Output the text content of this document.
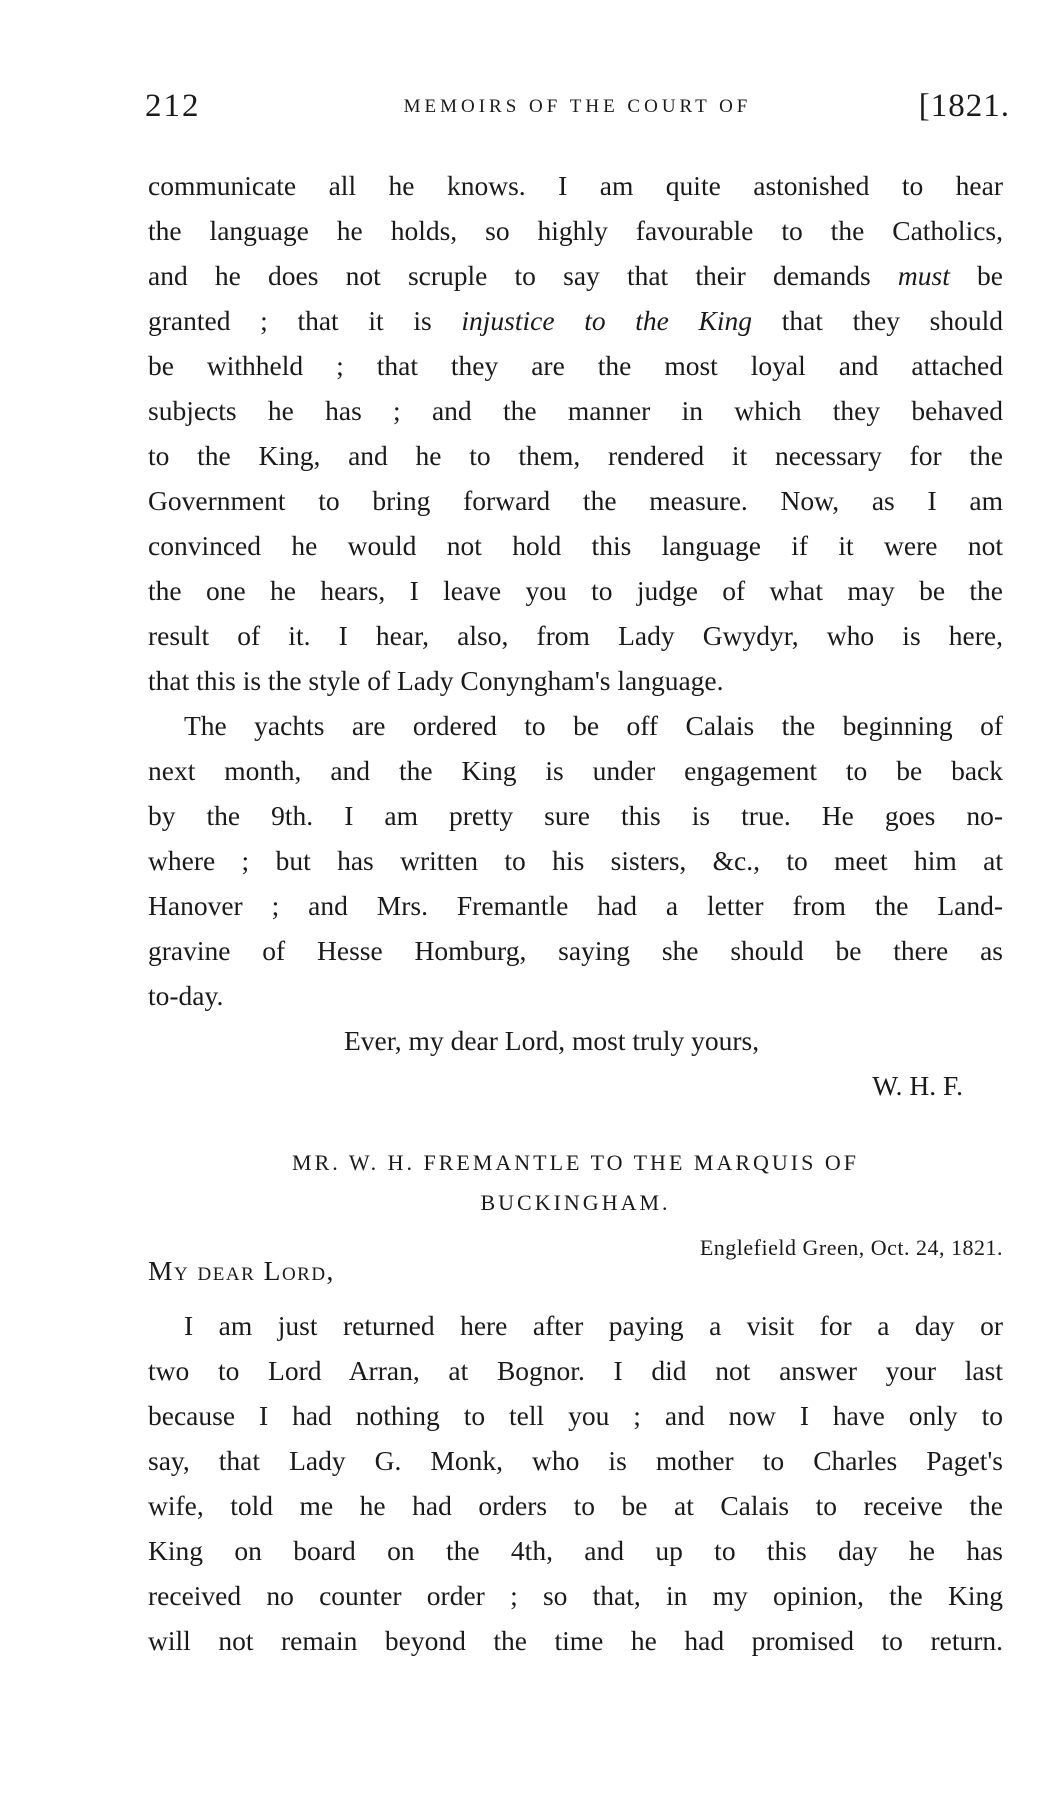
212	MEMOIRS OF THE COURT OF	[1821.
communicate all he knows. I am quite astonished to hear
the language he holds, so highly favourable to the Catholics,
and he does not scruple to say that their demands must be
granted ; that it is injustice to the King that they should
be withheld ; that they are the most loyal and attached
subjects he has ; and the manner in which they behaved
to the King, and he to them, rendered it necessary for the
Government to bring forward the measure. Now, as I am
convinced he would not hold this language if it were not
the one he hears, I leave you to judge of what may be the
result of it. I hear, also, from Lady Gwydyr, who is here,
that this is the style of Lady Conyngham's language.
The yachts are ordered to be off Calais the beginning of
next month, and the King is under engagement to be back
by the 9th. I am pretty sure this is true. He goes no-
where ; but has written to his sisters, &c., to meet him at
Hanover ; and Mrs. Fremantle had a letter from the Land-
gravine of Hesse Homburg, saying she should be there as
to-day.
Ever, my dear Lord, most truly yours,
W. H. F.
MR. W. H. FREMANTLE TO THE MARQUIS OF
BUCKINGHAM.
Englefield Green, Oct. 24, 1821.
My dear Lord,
I am just returned here after paying a visit for a day or
two to Lord Arran, at Bognor. I did not answer your last
because I had nothing to tell you ; and now I have only to
say, that Lady G. Monk, who is mother to Charles Paget's
wife, told me he had orders to be at Calais to receive the
King on board on the 4th, and up to this day he has
received no counter order ; so that, in my opinion, the King
will not remain beyond the time he had promised to return.
